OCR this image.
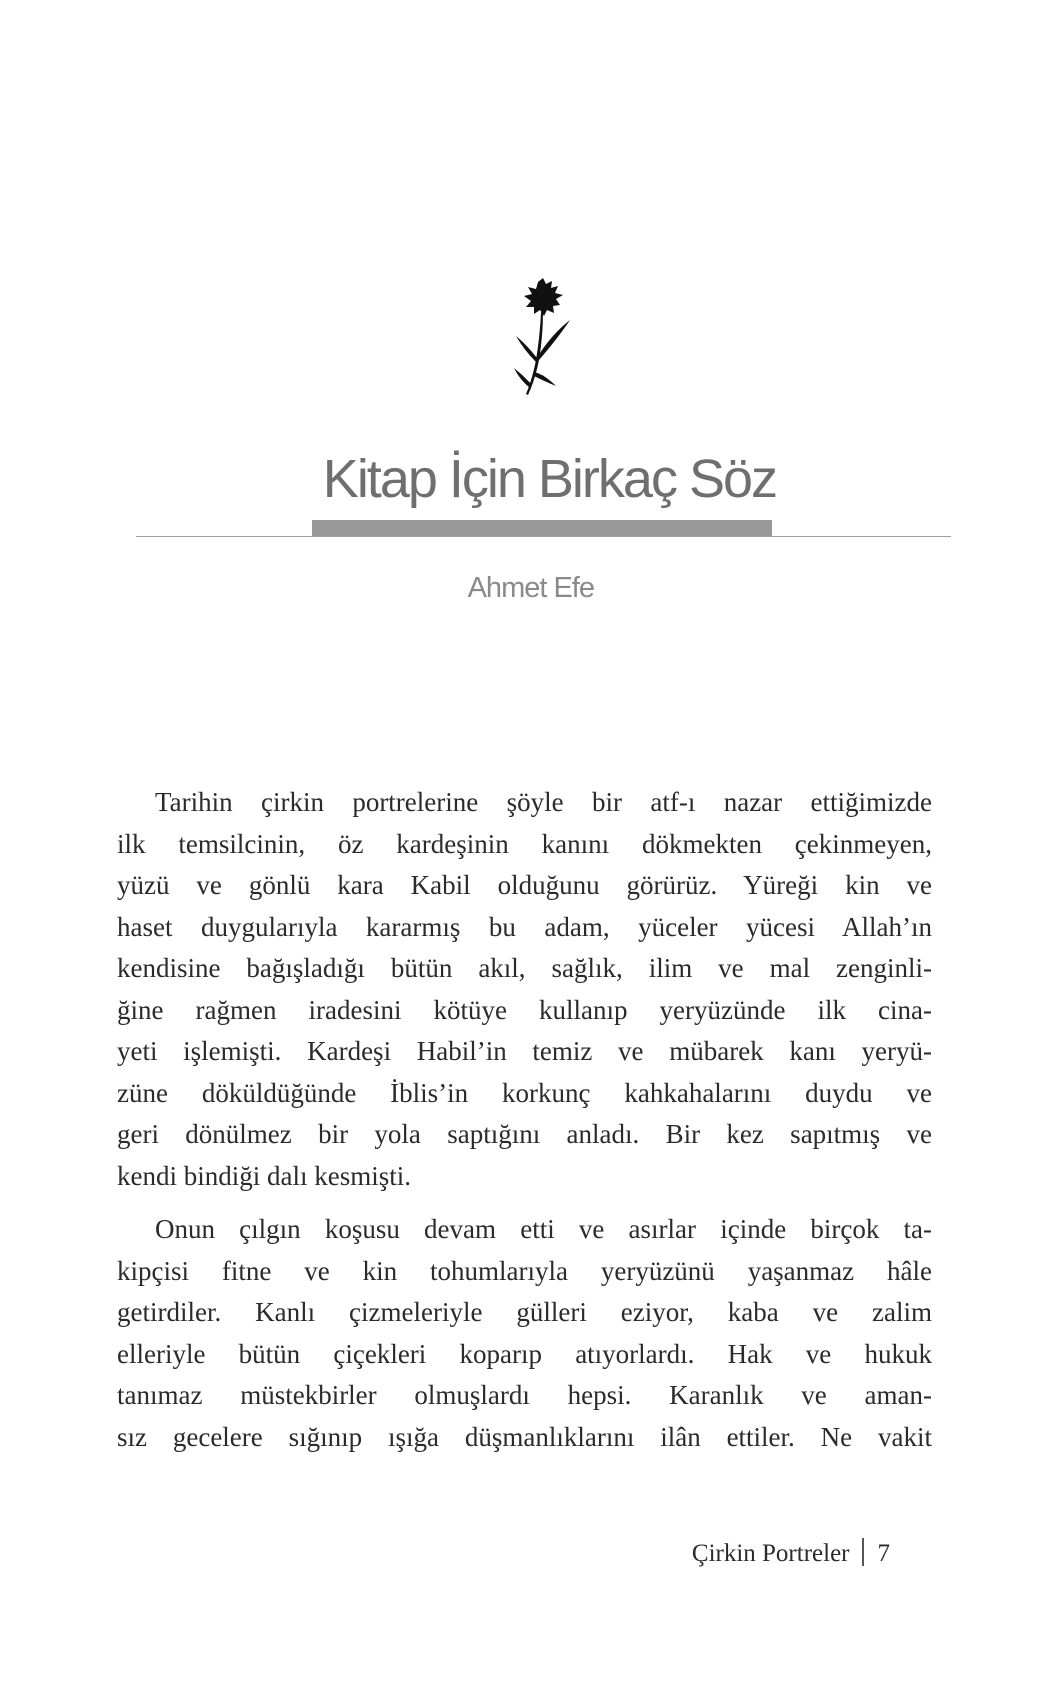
Kitap İçin Birkaç Söz
Ahmet Efe

Tarihin çirkin portrelerine şöyle bir atf-ı nazar ettiğimizde
ilk temsilcinin, öz kardeşinin kanını dökmekten çekinmeyen,
yüzü ve gönlü kara Kabil olduğunu görürüz. Yüreği kin ve
haset duygularıyla kararmış bu adam, yüceler yücesi Allah’ın
kendisine bağışladığı bütün akıl, sağlık, ilim ve mal zenginli-
ğine rağmen iradesini kötüye kullanıp yeryüzünde ilk cina-
yeti işlemişti. Kardeşi Habil’in temiz ve mübarek kanı yeryü-
züne döküldüğünde İblis’in korkunç kahkahalarını duydu ve
geri dönülmez bir yola saptığını anladı. Bir kez sapıtmış ve
kendi bindiği dalı kesmişti.

Onun çılgın koşusu devam etti ve asırlar içinde birçok ta-
kipçisi fitne ve kin tohumlarıyla yeryüzünü yaşanmaz hâle
getirdiler. Kanlı çizmeleriyle gülleri eziyor, kaba ve zalim
elleriyle bütün çiçekleri koparıp atıyorlardı. Hak ve hukuk
tanımaz müstekbirler olmuşlardı hepsi. Karanlık ve aman-
sız gecelere sığınıp ışığa düşmanlıklarını ilân ettiler. Ne vakit

Çirkin Portreler 7
